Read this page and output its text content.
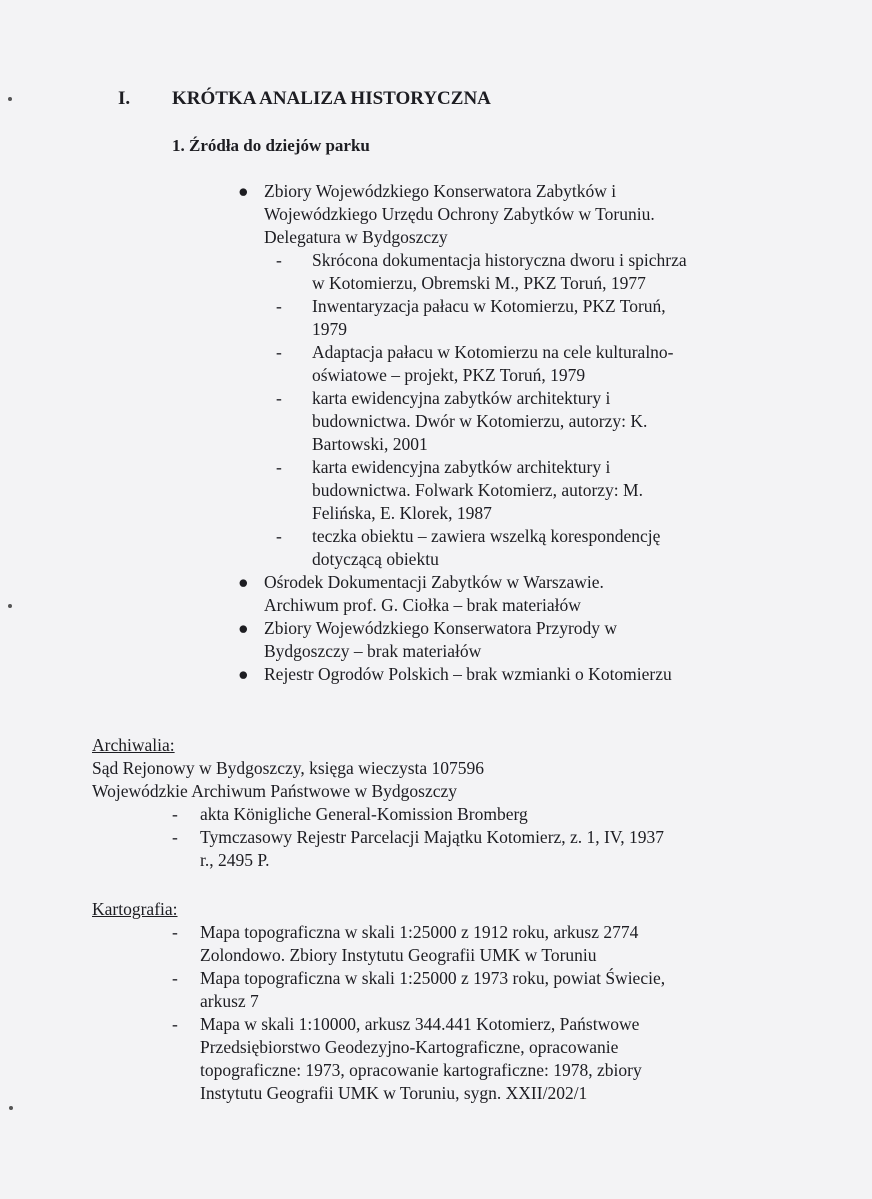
I. KRÓTKA ANALIZA HISTORYCZNA
1. Źródła do dziejów parku
● Zbiory Wojewódzkiego Konserwatora Zabytków i
Wojewódzkiego Urzędu Ochrony Zabytków w Toruniu.
Delegatura w Bydgoszczy
- Skrócona dokumentacja historyczna dworu i spichrza
w Kotomierzu, Obremski M., PKZ Toruń, 1977
- Inwentaryzacja pałacu w Kotomierzu, PKZ Toruń,
1979
- Adaptacja pałacu w Kotomierzu na cele kulturalno-
oświatowe – projekt, PKZ Toruń, 1979
- karta ewidencyjna zabytków architektury i
budownictwa. Dwór w Kotomierzu, autorzy: K.
Bartowski, 2001
- karta ewidencyjna zabytków architektury i
budownictwa. Folwark Kotomierz, autorzy: M.
Felińska, E. Klorek, 1987
- teczka obiektu – zawiera wszelką korespondencję
dotyczącą obiektu
● Ośrodek Dokumentacji Zabytków w Warszawie.
Archiwum prof. G. Ciołka – brak materiałów
● Zbiory Wojewódzkiego Konserwatora Przyrody w
Bydgoszczy – brak materiałów
● Rejestr Ogrodów Polskich – brak wzmianki o Kotomierzu
Archiwalia:
Sąd Rejonowy w Bydgoszczy, księga wieczysta 107596
Wojewódzkie Archiwum Państwowe w Bydgoszczy
- akta Königliche General-Komission Bromberg
- Tymczasowy Rejestr Parcelacji Majątku Kotomierz, z. 1, IV, 1937
r., 2495 P.
Kartografia:
- Mapa topograficzna w skali 1:25000 z 1912 roku, arkusz 2774
Zolondowo. Zbiory Instytutu Geografii UMK w Toruniu
- Mapa topograficzna w skali 1:25000 z 1973 roku, powiat Świecie,
arkusz 7
- Mapa w skali 1:10000, arkusz 344.441 Kotomierz, Państwowe
Przedsiębiorstwo Geodezyjno-Kartograficzne, opracowanie
topograficzne: 1973, opracowanie kartograficzne: 1978, zbiory
Instytutu Geografii UMK w Toruniu, sygn. XXII/202/1
